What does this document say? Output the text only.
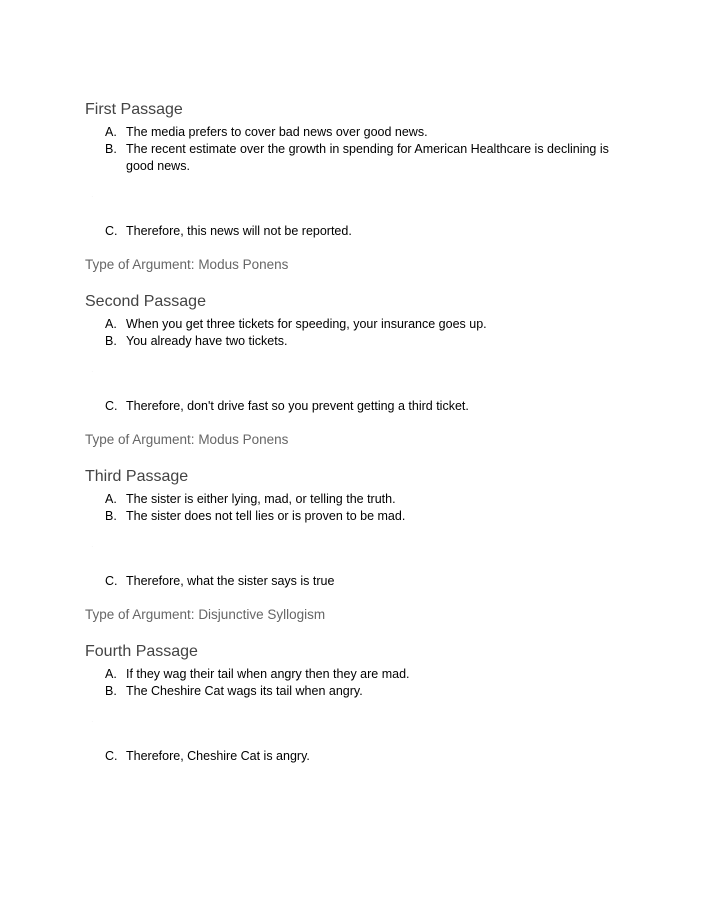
First Passage
A. The media prefers to cover bad news over good news.
B. The recent estimate over the growth in spending for American Healthcare is declining is good news.
·
C. Therefore, this news will not be reported.

Type of Argument: Modus Ponens

Second Passage
A. When you get three tickets for speeding, your insurance goes up.
B. You already have two tickets.
·
C. Therefore, don't drive fast so you prevent getting a third ticket.

Type of Argument: Modus Ponens

Third Passage
A. The sister is either lying, mad, or telling the truth.
B. The sister does not tell lies or is proven to be mad.
·
C. Therefore, what the sister says is true

Type of Argument: Disjunctive Syllogism

Fourth Passage
A. If they wag their tail when angry then they are mad.
B. The Cheshire Cat wags its tail when angry.
·
C. Therefore, Cheshire Cat is angry.
